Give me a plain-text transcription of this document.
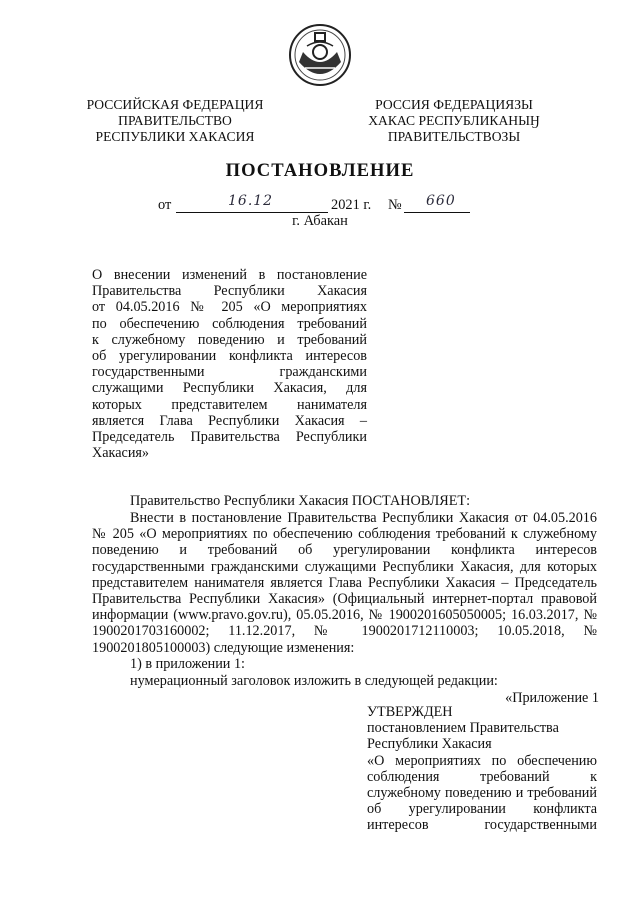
РОССИЙСКАЯ ФЕДЕРАЦИЯ
ПРАВИТЕЛЬСТВО
РЕСПУБЛИКИ ХАКАСИЯ
РОССИЯ ФЕДЕРАЦИЯЗЫ
ХАКАС РЕСПУБЛИКАНЫӇ
ПРАВИТЕЛЬСТВОЗЫ
ПОСТАНОВЛЕНИЕ
от	16.12	2021 г. № 660
г. Абакан
О внесении изменений в постановление
Правительства Республики Хакасия
от 04.05.2016 № 205 «О мероприятиях
по обеспечению соблюдения требований
к служебному поведению и требований
об урегулировании конфликта интересов
государственными гражданскими
служащими Республики Хакасия, для
которых представителем нанимателя
является Глава Республики Хакасия –
Председатель Правительства Республики
Хакасия»
Правительство Республики Хакасия ПОСТАНОВЛЯЕТ:
Внести в постановление Правительства Республики Хакасия от 04.05.2016 № 205 «О мероприятиях по обеспечению соблюдения требований к служебному поведению и требований об урегулировании конфликта интересов государственными гражданскими служащими Республики Хакасия, для которых представителем нанимателя является Глава Республики Хакасия – Председатель Правительства Республики Хакасия» (Официальный интернет-портал правовой информации (www.pravo.gov.ru), 05.05.2016, № 1900201605050005; 16.03.2017, № 1900201703160002; 11.12.2017, № 1900201712110003; 10.05.2018, № 1900201805100003) следующие изменения:
1) в приложении 1:
нумерационный заголовок изложить в следующей редакции:
«Приложение 1
УТВЕРЖДЕН
постановлением Правительства
Республики Хакасия
«О мероприятиях по обеспечению
соблюдения требований к
служебному поведению и требований
об урегулировании конфликта
интересов государственными
